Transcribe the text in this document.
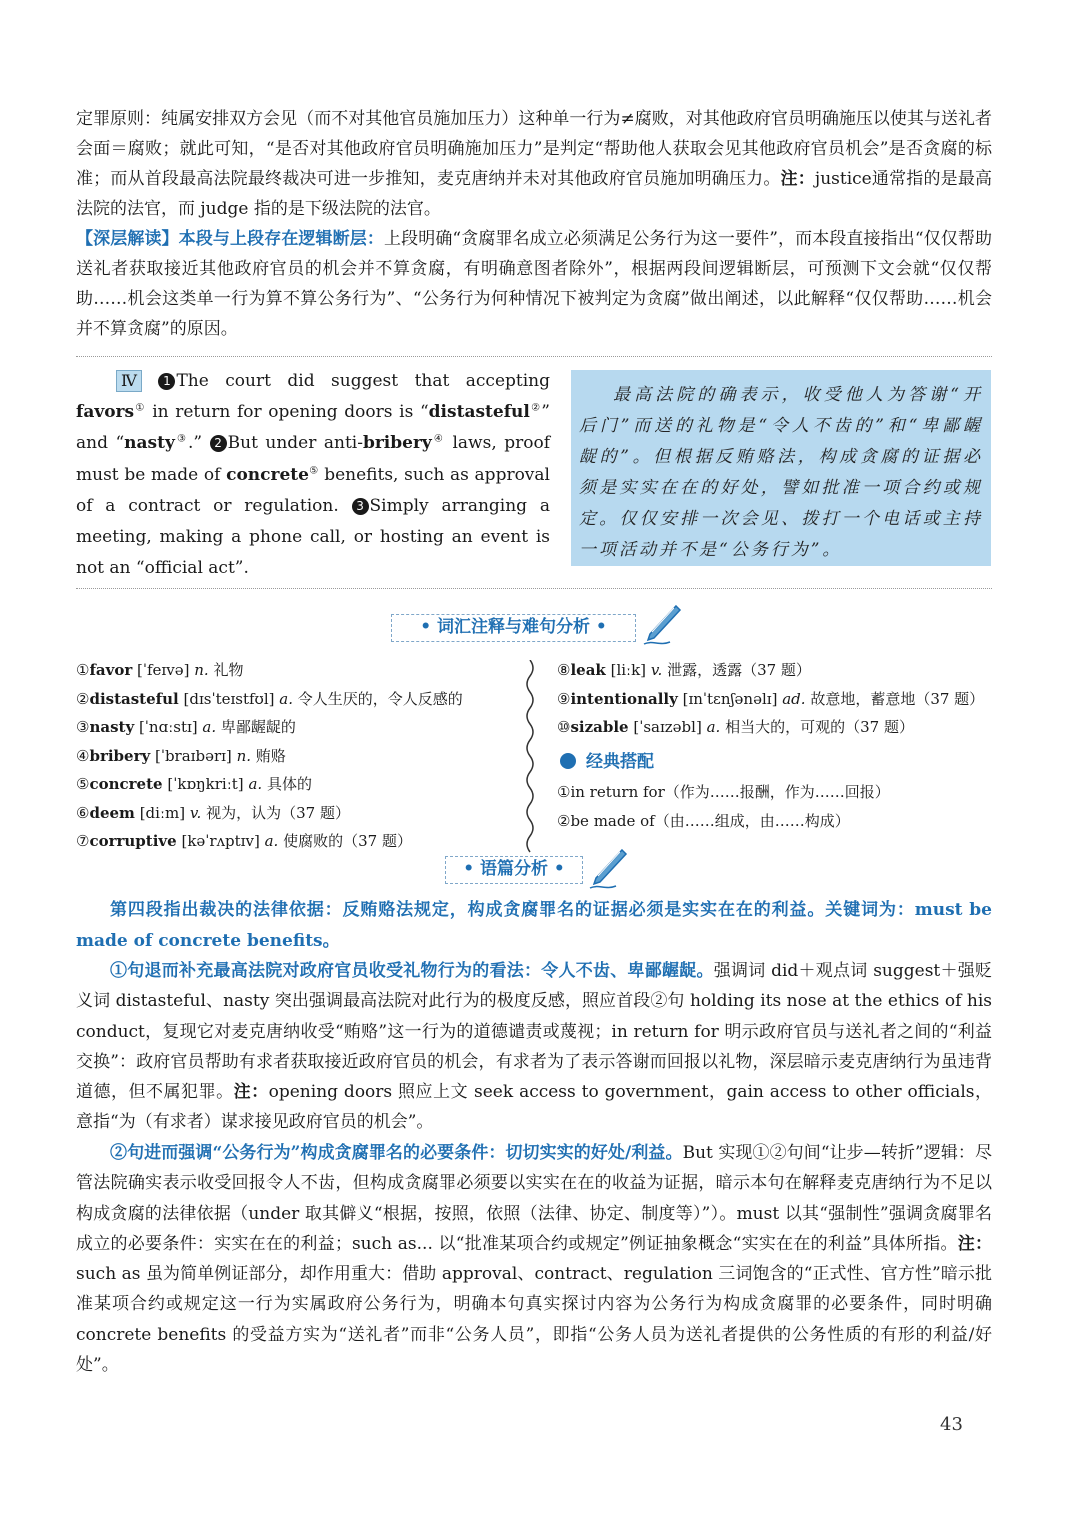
定罪原则：纯属安排双方会见（而不对其他官员施加压力）这种单一行为≠腐败，对其他政府官员明确施压以使其与送礼者会面＝腐败；就此可知，“是否对其他政府官员明确施加压力”是判定“帮助他人获取会见其他政府官员机会”是否贪腐的标准；而从首段最高法院最终裁决可进一步推知，麦克唐纳并未对其他政府官员施加明确压力。注：justice通常指的是最高法院的法官，而 judge 指的是下级法院的法官。

【深层解读】本段与上段存在逻辑断层：上段明确“贪腐罪名成立必须满足公务行为这一要件”，而本段直接指出“仅仅帮助送礼者获取接近其他政府官员的机会并不算贪腐，有明确意图者除外”，根据两段间逻辑断层，可预测下文会就“仅仅帮助……机会这类单一行为算不算公务行为”、“公务行为何种情况下被判定为贪腐”做出阐述，以此解释“仅仅帮助……机会并不算贪腐”的原因。

Ⅳ 1 The court did suggest that accepting favors① in return for opening doors is “distasteful②” and “nasty③.” 2 But under anti-bribery④ laws, proof must be made of concrete⑤ benefits, such as approval of a contract or regulation. 3 Simply arranging a meeting, making a phone call, or hosting an event is not an “official act”.

最高法院的确表示，收受他人为答谢“开后门”而送的礼物是“令人不齿的”和“卑鄙龌龊的”。但根据反贿赂法，构成贪腐的证据必须是实实在在的好处，譬如批准一项合约或规定。仅仅安排一次会见、拨打一个电话或主持一项活动并不是“公务行为”。

• 词汇注释与难句分析 •
①favor [ˈfeɪvə] n. 礼物
②distasteful [dɪsˈteɪstfʊl] a. 令人生厌的，令人反感的
③nasty [ˈnɑːstɪ] a. 卑鄙龌龊的
④bribery [ˈbraɪbərɪ] n. 贿赂
⑤concrete [ˈkɒŋkriːt] a. 具体的
⑥deem [diːm] v. 视为，认为（37 题）
⑦corruptive [kəˈrʌptɪv] a. 使腐败的（37 题）
⑧leak [liːk] v. 泄露，透露（37 题）
⑨intentionally [ɪnˈtɛnʃənəlɪ] ad. 故意地，蓄意地（37 题）
⑩sizable [ˈsaɪzəbl] a. 相当大的，可观的（37 题）
经典搭配
①in return for（作为……报酬，作为……回报）
②be made of（由……组成，由……构成）
• 语篇分析 •

第四段指出裁决的法律依据：反贿赂法规定，构成贪腐罪名的证据必须是实实在在的利益。关键词为：must be made of concrete benefits。

①句退而补充最高法院对政府官员收受礼物行为的看法：令人不齿、卑鄙龌龊。强调词 did＋观点词 suggest＋强贬义词 distasteful、nasty 突出强调最高法院对此行为的极度反感，照应首段②句 holding its nose at the ethics of his conduct，复现它对麦克唐纳收受“贿赂”这一行为的道德谴责或蔑视；in return for 明示政府官员与送礼者之间的“利益交换”：政府官员帮助有求者获取接近政府官员的机会，有求者为了表示答谢而回报以礼物，深层暗示麦克唐纳行为虽违背道德，但不属犯罪。注：opening doors 照应上文 seek access to government，gain access to other officials，意指“为（有求者）谋求接见政府官员的机会”。

②句进而强调“公务行为”构成贪腐罪名的必要条件：切切实实的好处/利益。But 实现①②句间“让步—转折”逻辑：尽管法院确实表示收受回报令人不齿，但构成贪腐罪必须要以实实在在的收益为证据，暗示本句在解释麦克唐纳行为不足以构成贪腐的法律依据（under 取其僻义“根据，按照，依照（法律、协定、制度等）”）。must 以其“强制性”强调贪腐罪名成立的必要条件：实实在在的利益；such as... 以“批准某项合约或规定”例证抽象概念“实实在在的利益”具体所指。注：such as 虽为简单例证部分，却作用重大：借助 approval、contract、regulation 三词饱含的“正式性、官方性”暗示批准某项合约或规定这一行为实属政府公务行为，明确本句真实探讨内容为公务行为构成贪腐罪的必要条件，同时明确 concrete benefits 的受益方实为“送礼者”而非“公务人员”，即指“公务人员为送礼者提供的公务性质的有形的利益/好处”。

43
